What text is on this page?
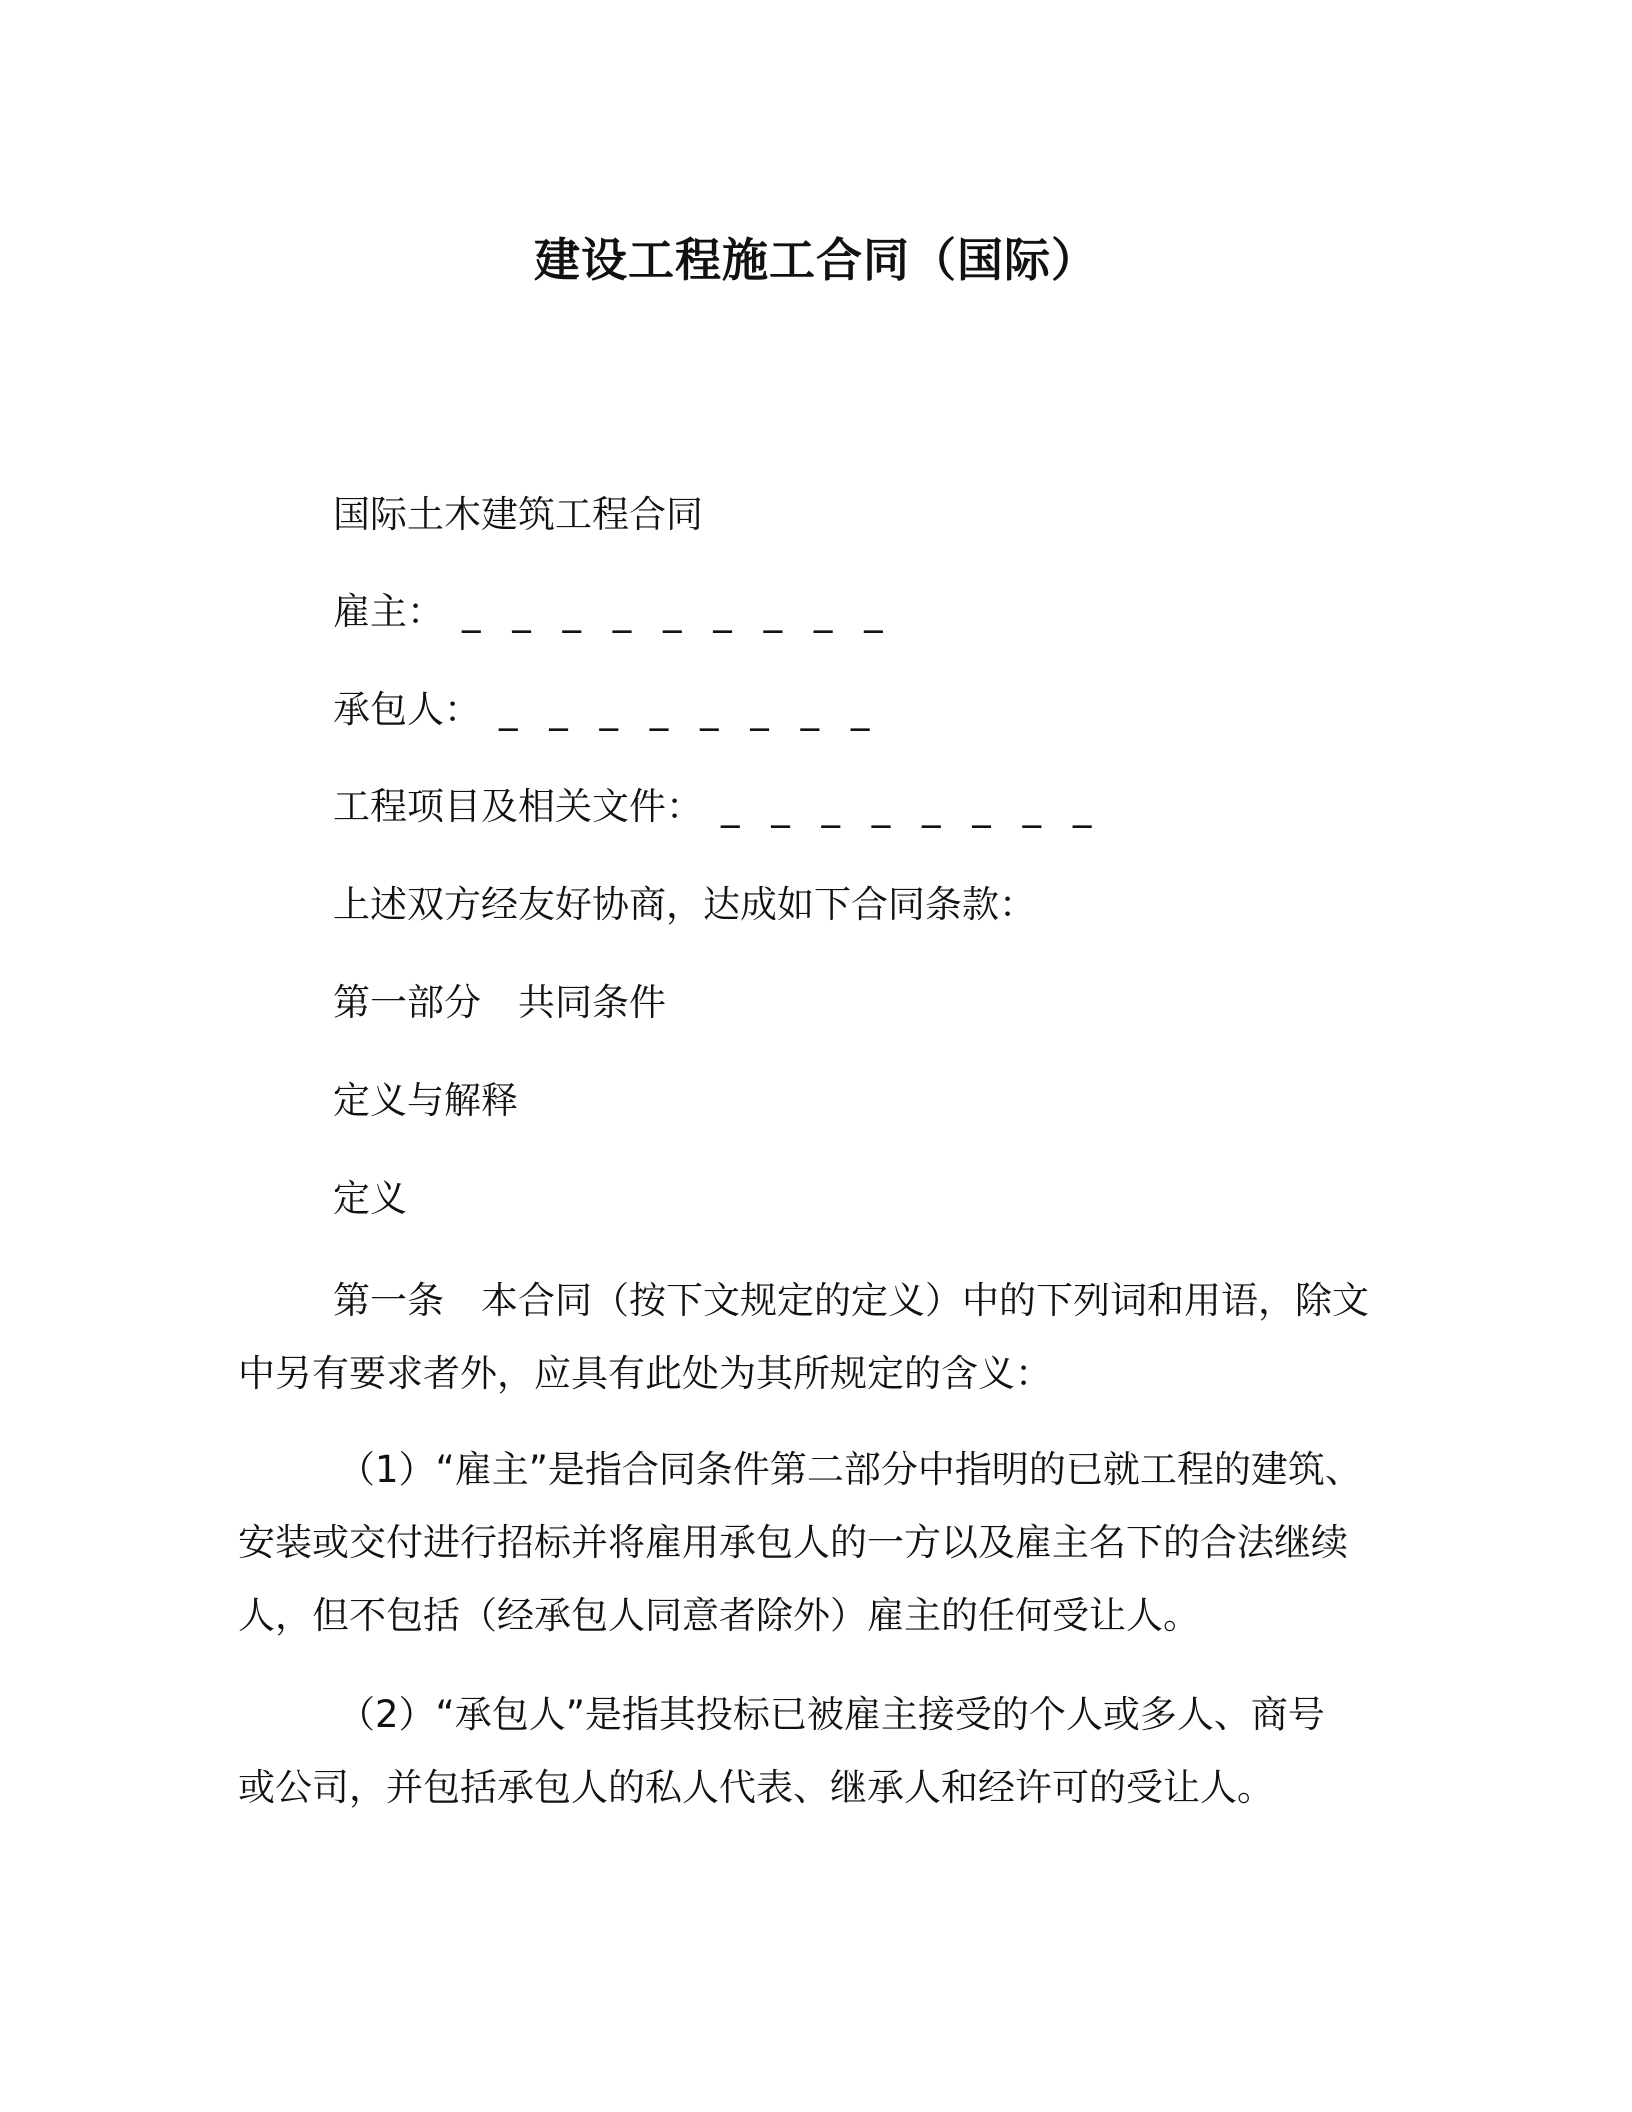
建设工程施工合同（国际）
国际土木建筑工程合同
雇主： _ _ _ _ _ _ _ _ _
承包人： _ _ _ _ _ _ _ _
工程项目及相关文件： _ _ _ _ _ _ _ _
上述双方经友好协商，达成如下合同条款：
第一部分　共同条件
定义与解释
定义
第一条　本合同（按下文规定的定义）中的下列词和用语，除文
中另有要求者外，应具有此处为其所规定的含义：
（1）“雇主”是指合同条件第二部分中指明的已就工程的建筑、
安装或交付进行招标并将雇用承包人的一方以及雇主名下的合法继续
人，但不包括（经承包人同意者除外）雇主的任何受让人。
（2）“承包人”是指其投标已被雇主接受的个人或多人、商号
或公司，并包括承包人的私人代表、继承人和经许可的受让人。
